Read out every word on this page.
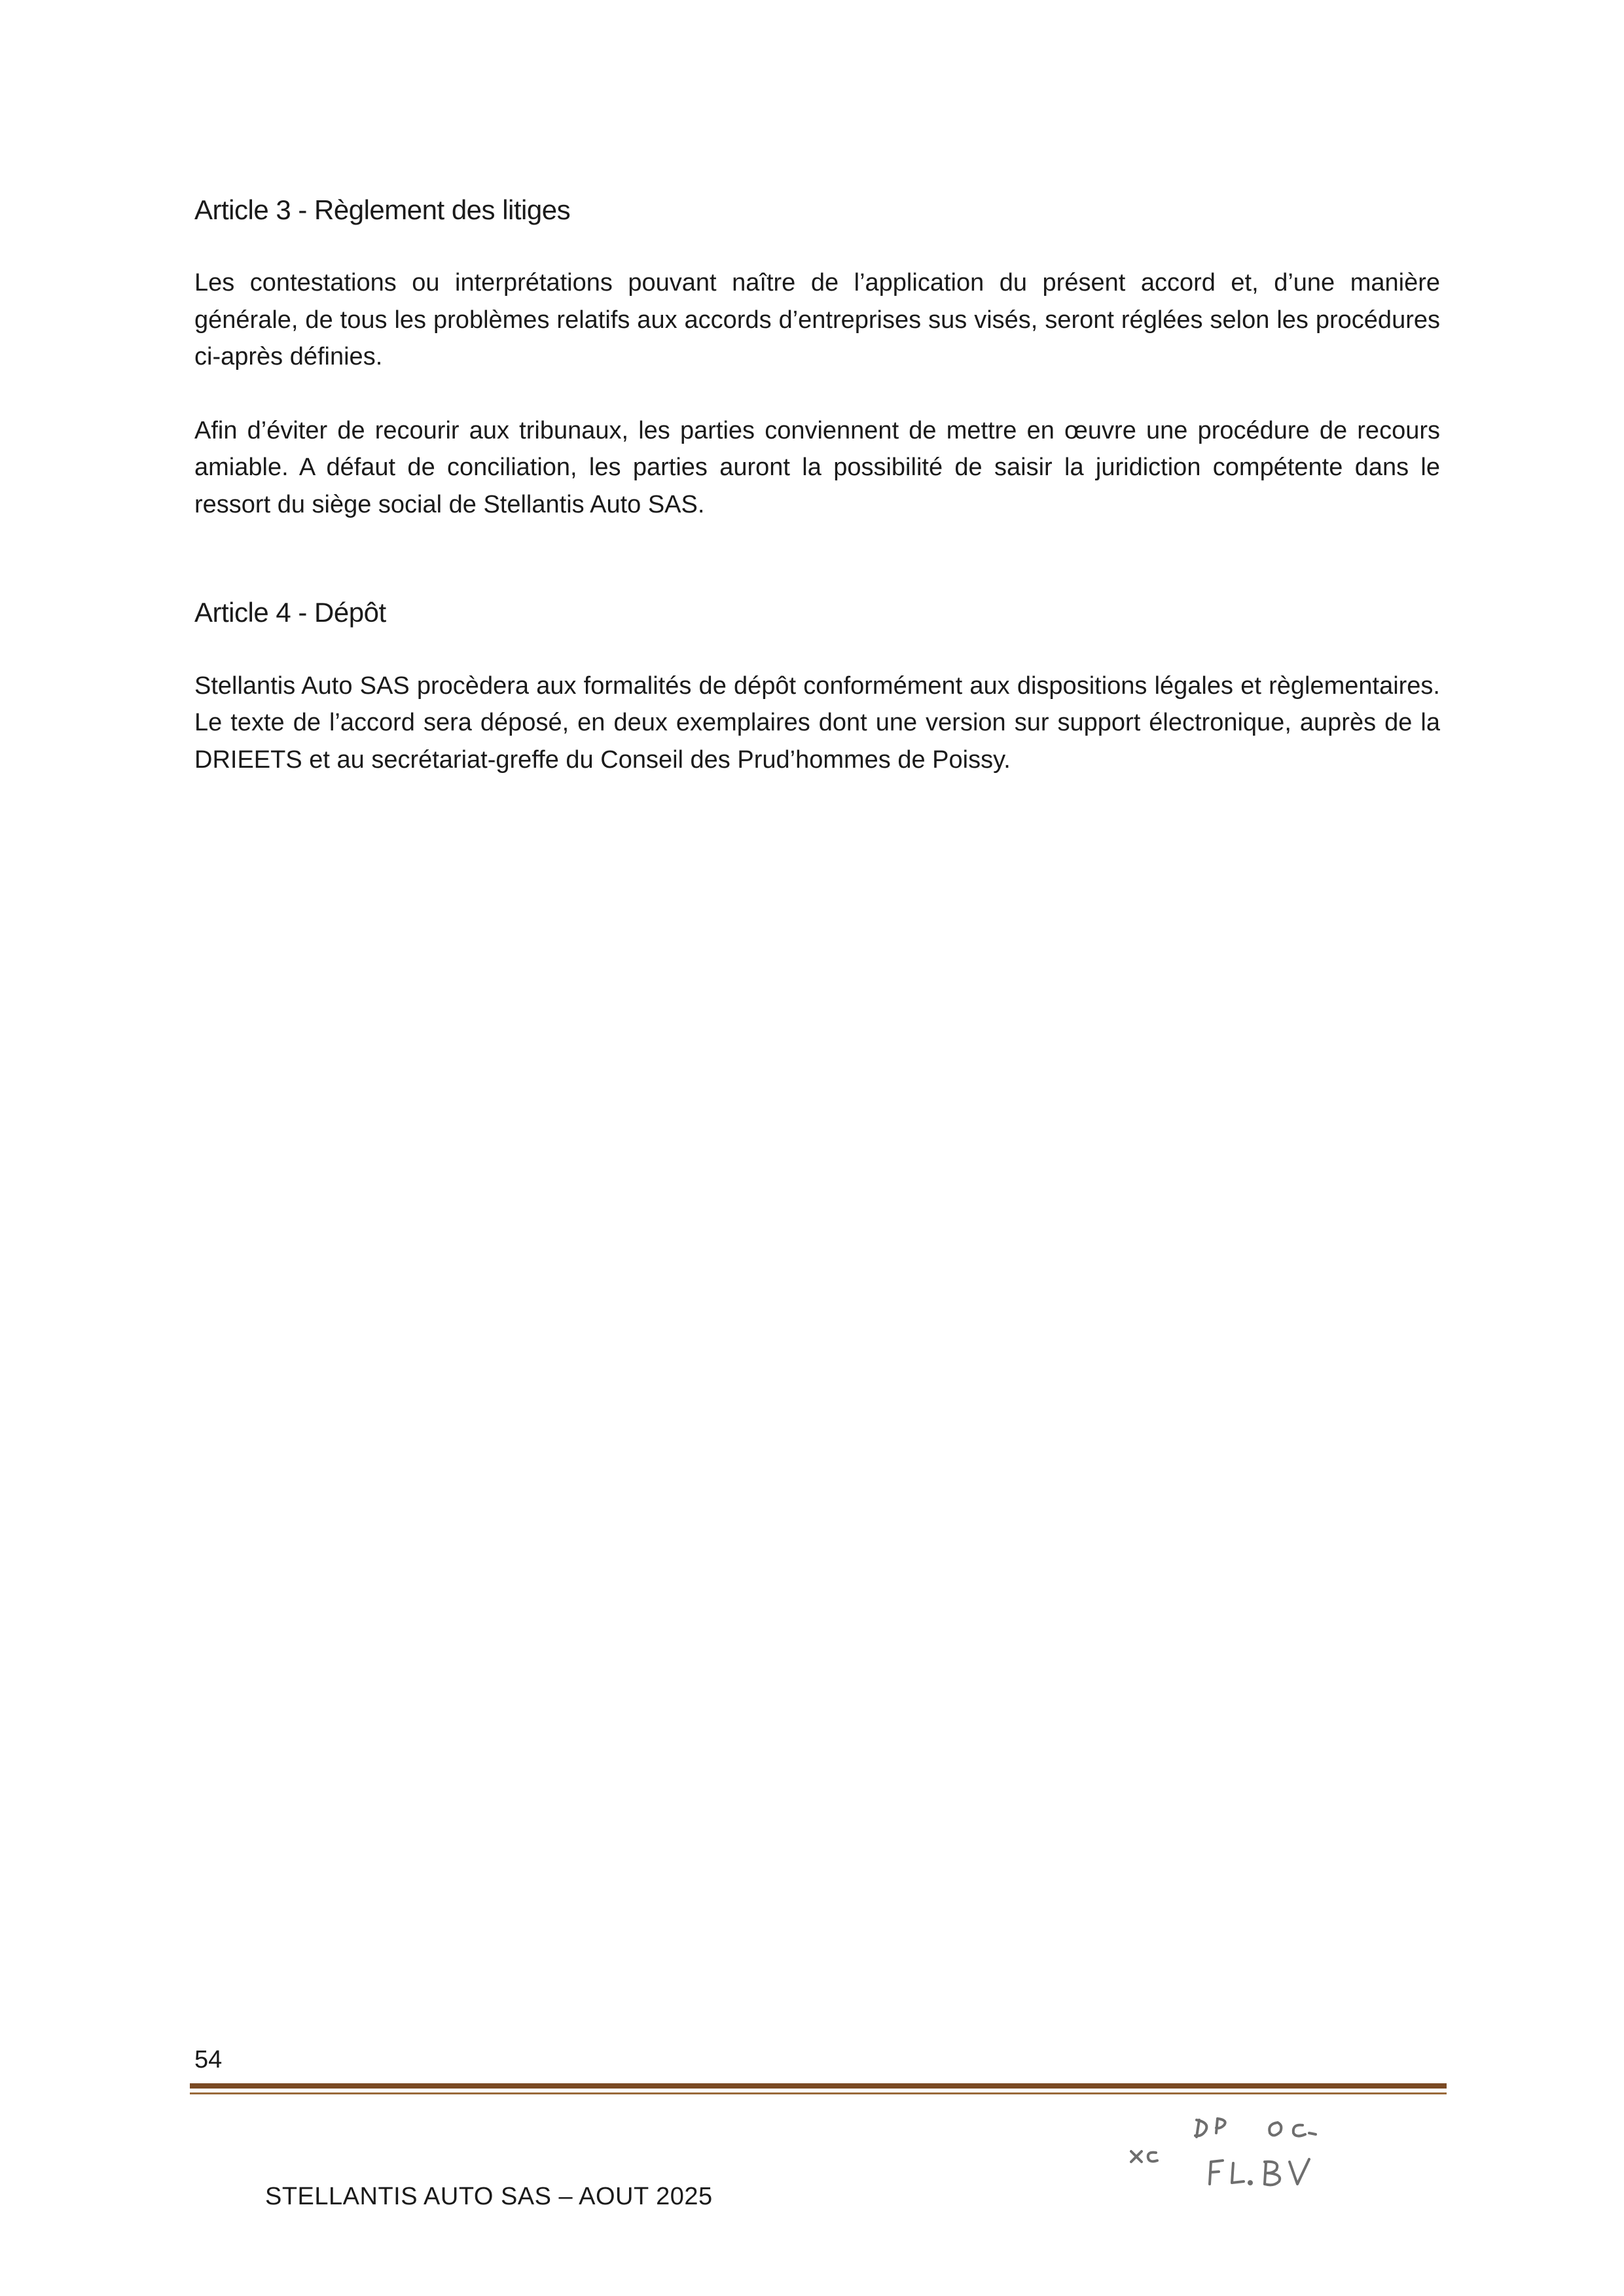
Article 3 - Règlement des litiges

Les contestations ou interprétations pouvant naître de l’application du présent accord et, d’une manière générale, de tous les problèmes relatifs aux accords d’entreprises sus visés, seront réglées selon les procédures ci-après définies.

Afin d’éviter de recourir aux tribunaux, les parties conviennent de mettre en œuvre une procédure de recours amiable. A défaut de conciliation, les parties auront la possibilité de saisir la juridiction compétente dans le ressort du siège social de Stellantis Auto SAS.

Article 4 - Dépôt

Stellantis Auto SAS procèdera aux formalités de dépôt conformément aux dispositions légales et règlementaires. Le texte de l’accord sera déposé, en deux exemplaires dont une version sur support électronique, auprès de la DRIEETS et au secrétariat-greffe du Conseil des Prud’hommes de Poissy.

54
STELLANTIS AUTO SAS – AOUT 2025
